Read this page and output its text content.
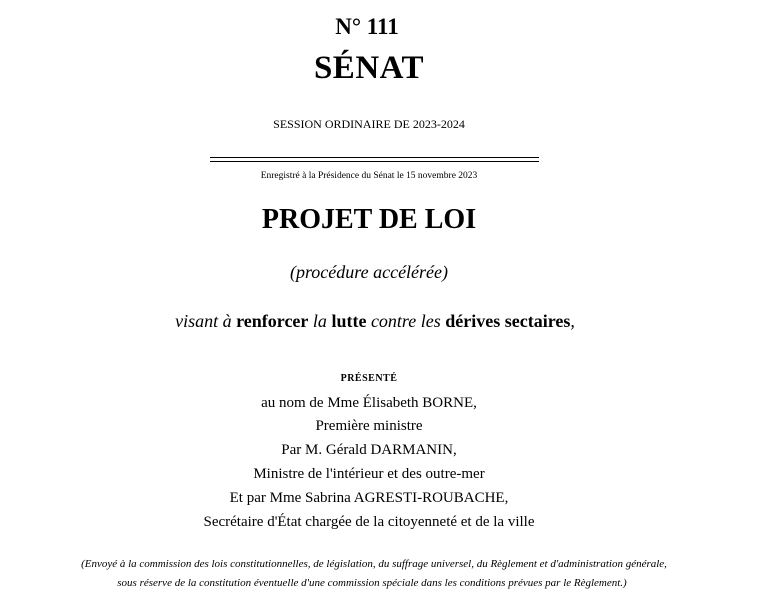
N° 111
SÉNAT
SESSION ORDINAIRE DE 2023-2024
Enregistré à la Présidence du Sénat le 15 novembre 2023
PROJET DE LOI
(procédure accélérée)
visant à renforcer la lutte contre les dérives sectaires,
PRÉSENTÉ
au nom de Mme Élisabeth BORNE,
Première ministre
Par M. Gérald DARMANIN,
Ministre de l'intérieur et des outre-mer
Et par Mme Sabrina AGRESTI-ROUBACHE,
Secrétaire d'État chargée de la citoyenneté et de la ville
(Envoyé à la commission des lois constitutionnelles, de législation, du suffrage universel, du Règlement et d'administration générale,
sous réserve de la constitution éventuelle d'une commission spéciale dans les conditions prévues par le Règlement.)
